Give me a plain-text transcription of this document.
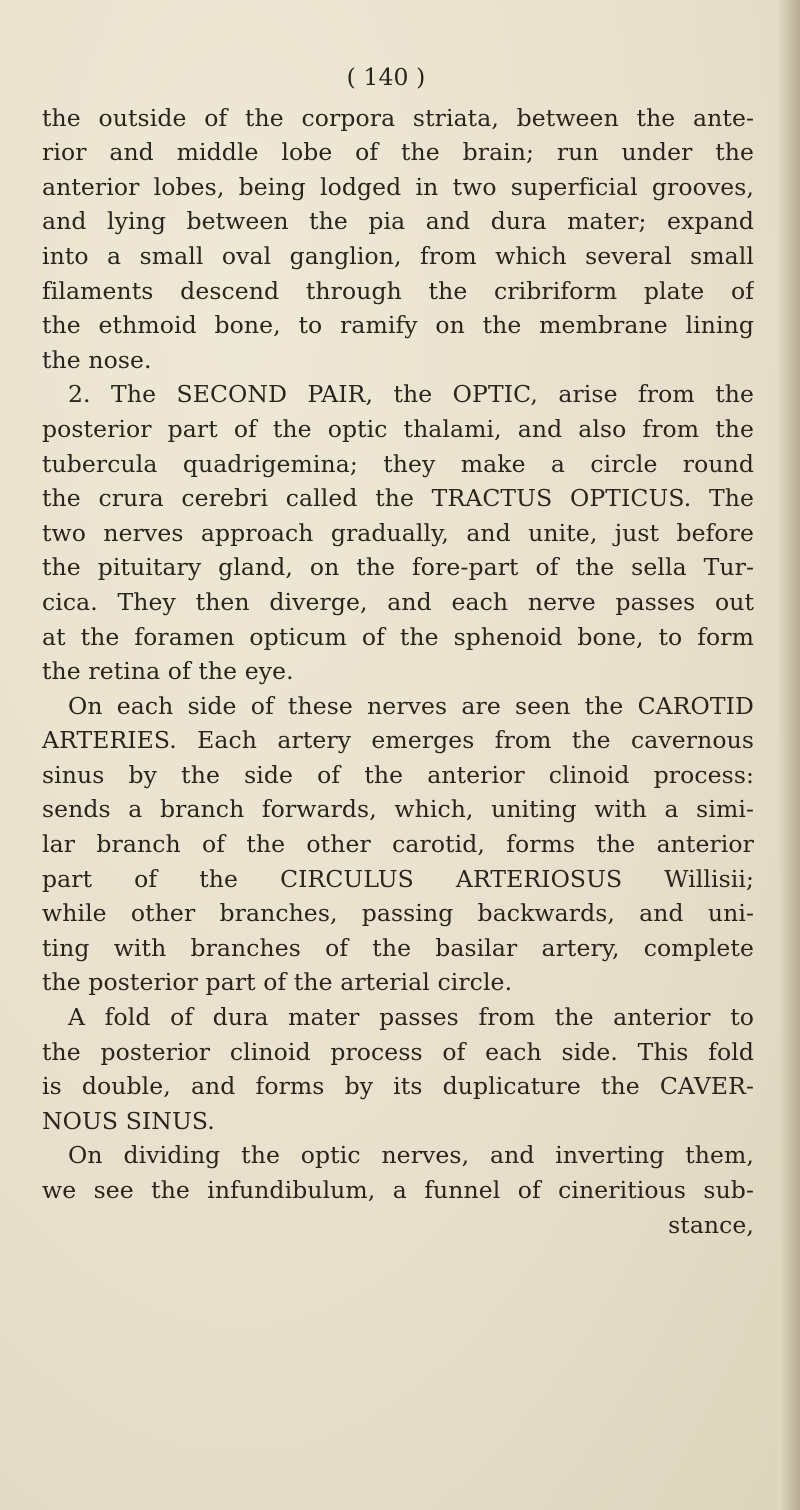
( 140 )
the outside of the corpora striata, between the ante-
rior and middle lobe of the brain; run under the
anterior lobes, being lodged in two superficial grooves,
and lying between the pia and dura mater; expand
into a small oval ganglion, from which several small
filaments descend through the cribriform plate of
the ethmoid bone, to ramify on the membrane lining
the nose.
2. The SECOND PAIR, the OPTIC, arise from the
posterior part of the optic thalami, and also from the
tubercula quadrigemina; they make a circle round
the crura cerebri called the TRACTUS OPTICUS. The
two nerves approach gradually, and unite, just before
the pituitary gland, on the fore-part of the sella Tur-
cica. They then diverge, and each nerve passes out
at the foramen opticum of the sphenoid bone, to form
the retina of the eye.
On each side of these nerves are seen the CAROTID
ARTERIES. Each artery emerges from the cavernous
sinus by the side of the anterior clinoid process:
sends a branch forwards, which, uniting with a simi-
lar branch of the other carotid, forms the anterior
part of the CIRCULUS ARTERIOSUS Willisii;
while other branches, passing backwards, and uni-
ting with branches of the basilar artery, complete
the posterior part of the arterial circle.
A fold of dura mater passes from the anterior to
the posterior clinoid process of each side. This fold
is double, and forms by its duplicature the CAVER-
NOUS SINUS.
On dividing the optic nerves, and inverting them,
we see the infundibulum, a funnel of cineritious sub-
stance,
